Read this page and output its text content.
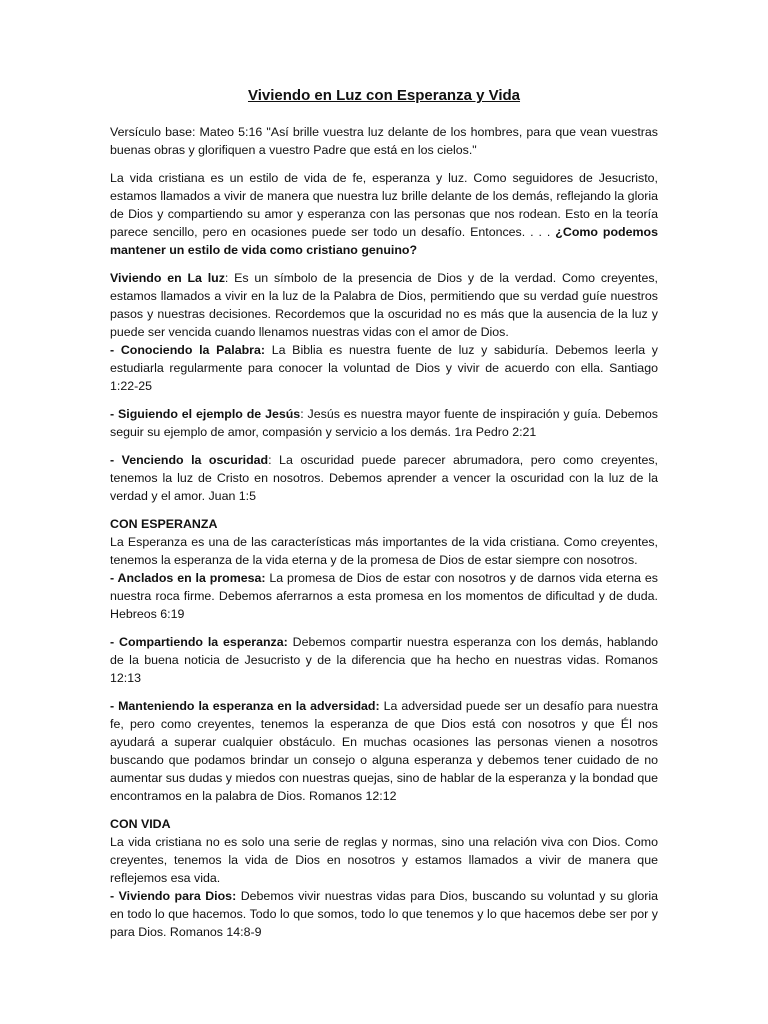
Viviendo en Luz con Esperanza y Vida

Versículo base: Mateo 5:16 "Así brille vuestra luz delante de los hombres, para que vean vuestras buenas obras y glorifiquen a vuestro Padre que está en los cielos."

La vida cristiana es un estilo de vida de fe, esperanza y luz. Como seguidores de Jesucristo, estamos llamados a vivir de manera que nuestra luz brille delante de los demás, reflejando la gloria de Dios y compartiendo su amor y esperanza con las personas que nos rodean. Esto en la teoría parece sencillo, pero en ocasiones puede ser todo un desafío. Entonces. . . . ¿Como podemos mantener un estilo de vida como cristiano genuino?

Viviendo en La luz: Es un símbolo de la presencia de Dios y de la verdad. Como creyentes, estamos llamados a vivir en la luz de la Palabra de Dios, permitiendo que su verdad guíe nuestros pasos y nuestras decisiones. Recordemos que la oscuridad no es más que la ausencia de la luz y puede ser vencida cuando llenamos nuestras vidas con el amor de Dios.

- Conociendo la Palabra: La Biblia es nuestra fuente de luz y sabiduría. Debemos leerla y estudiarla regularmente para conocer la voluntad de Dios y vivir de acuerdo con ella. Santiago 1:22-25

- Siguiendo el ejemplo de Jesús: Jesús es nuestra mayor fuente de inspiración y guía. Debemos seguir su ejemplo de amor, compasión y servicio a los demás. 1ra Pedro 2:21

- Venciendo la oscuridad: La oscuridad puede parecer abrumadora, pero como creyentes, tenemos la luz de Cristo en nosotros. Debemos aprender a vencer la oscuridad con la luz de la verdad y el amor. Juan 1:5

CON ESPERANZA
La Esperanza es una de las características más importantes de la vida cristiana. Como creyentes, tenemos la esperanza de la vida eterna y de la promesa de Dios de estar siempre con nosotros.

- Anclados en la promesa: La promesa de Dios de estar con nosotros y de darnos vida eterna es nuestra roca firme. Debemos aferrarnos a esta promesa en los momentos de dificultad y de duda. Hebreos 6:19

- Compartiendo la esperanza: Debemos compartir nuestra esperanza con los demás, hablando de la buena noticia de Jesucristo y de la diferencia que ha hecho en nuestras vidas. Romanos 12:13

- Manteniendo la esperanza en la adversidad: La adversidad puede ser un desafío para nuestra fe, pero como creyentes, tenemos la esperanza de que Dios está con nosotros y que Él nos ayudará a superar cualquier obstáculo. En muchas ocasiones las personas vienen a nosotros buscando que podamos brindar un consejo o alguna esperanza y debemos tener cuidado de no aumentar sus dudas y miedos con nuestras quejas, sino de hablar de la esperanza y la bondad que encontramos en la palabra de Dios. Romanos 12:12

CON VIDA
La vida cristiana no es solo una serie de reglas y normas, sino una relación viva con Dios. Como creyentes, tenemos la vida de Dios en nosotros y estamos llamados a vivir de manera que reflejemos esa vida.

- Viviendo para Dios: Debemos vivir nuestras vidas para Dios, buscando su voluntad y su gloria en todo lo que hacemos. Todo lo que somos, todo lo que tenemos y lo que hacemos debe ser por y para Dios. Romanos 14:8-9
